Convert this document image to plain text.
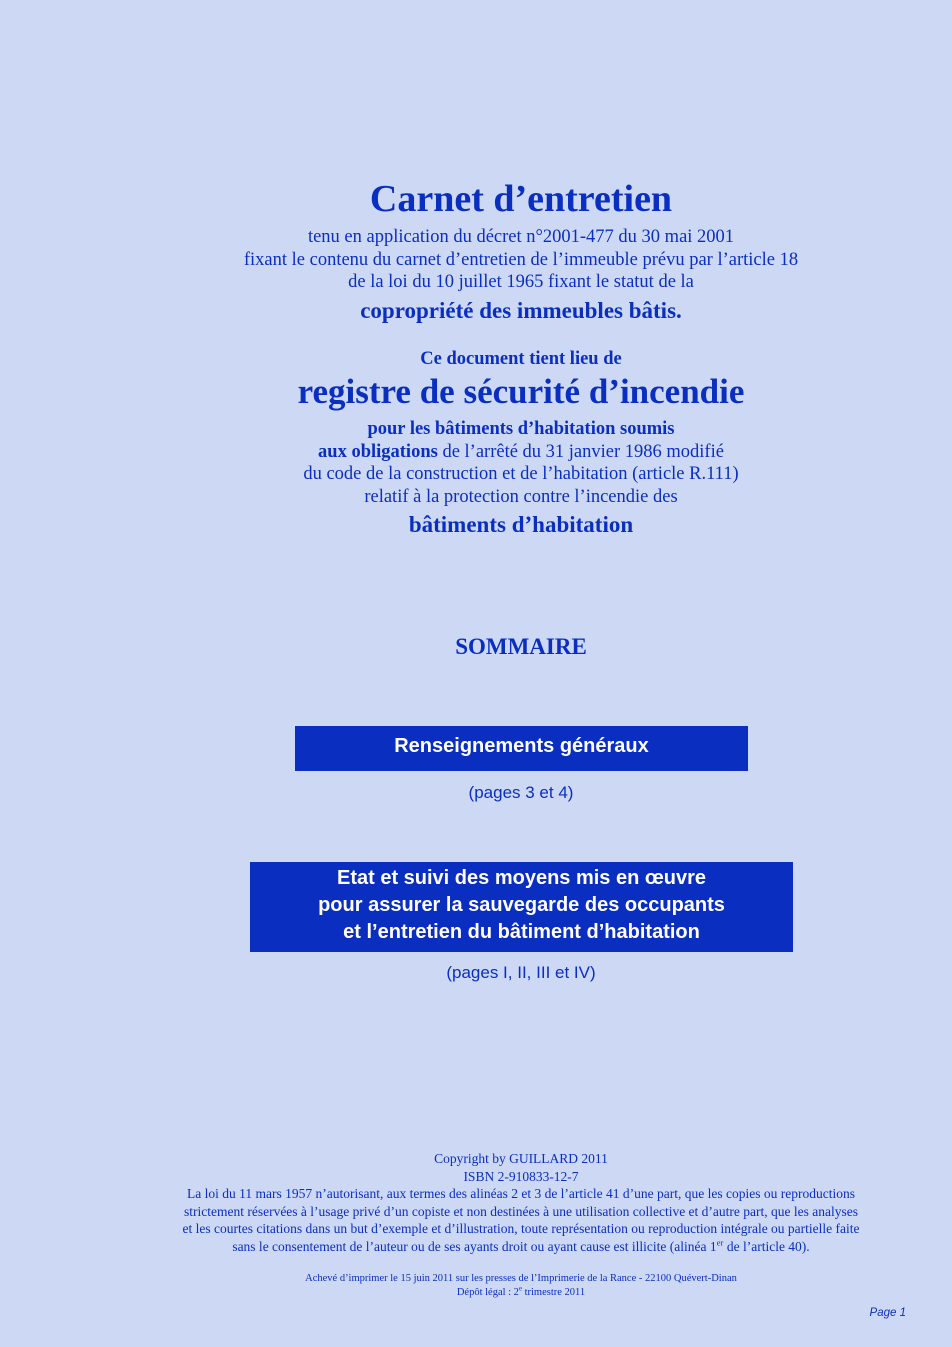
Carnet d’entretien
tenu en application du décret n°2001-477 du 30 mai 2001
fixant le contenu du carnet d’entretien de l’immeuble prévu par l’article 18
de la loi du 10 juillet 1965 fixant le statut de la
copropriété des immeubles bâtis.
Ce document tient lieu de
registre de sécurité d’incendie
pour les bâtiments d’habitation soumis
aux obligations de l’arrêté du 31 janvier 1986 modifié
du code de la construction et de l’habitation (article R.111)
relatif à la protection contre l’incendie des
bâtiments d’habitation
SOMMAIRE
Renseignements généraux
(pages 3 et 4)
Etat et suivi des moyens mis en œuvre
pour assurer la sauvegarde des occupants
et l’entretien du bâtiment d’habitation
(pages I, II, III et IV)
Copyright by GUILLARD 2011
ISBN 2-910833-12-7
La loi du 11 mars 1957 n’autorisant, aux termes des alinéas 2 et 3 de l’article 41 d’une part, que les copies ou reproductions
strictement réservées à l’usage privé d’un copiste et non destinées à une utilisation collective et d’autre part, que les analyses
et les courtes citations dans un but d’exemple et d’illustration, toute représentation ou reproduction intégrale ou partielle faite
sans le consentement de l’auteur ou de ses ayants droit ou ayant cause est illicite (alinéa 1er de l’article 40).
Achevé d’imprimer le 15 juin 2011 sur les presses de l’Imprimerie de la Rance - 22100 Quévert-Dinan
Dépôt légal : 2e trimestre 2011
Page 1
